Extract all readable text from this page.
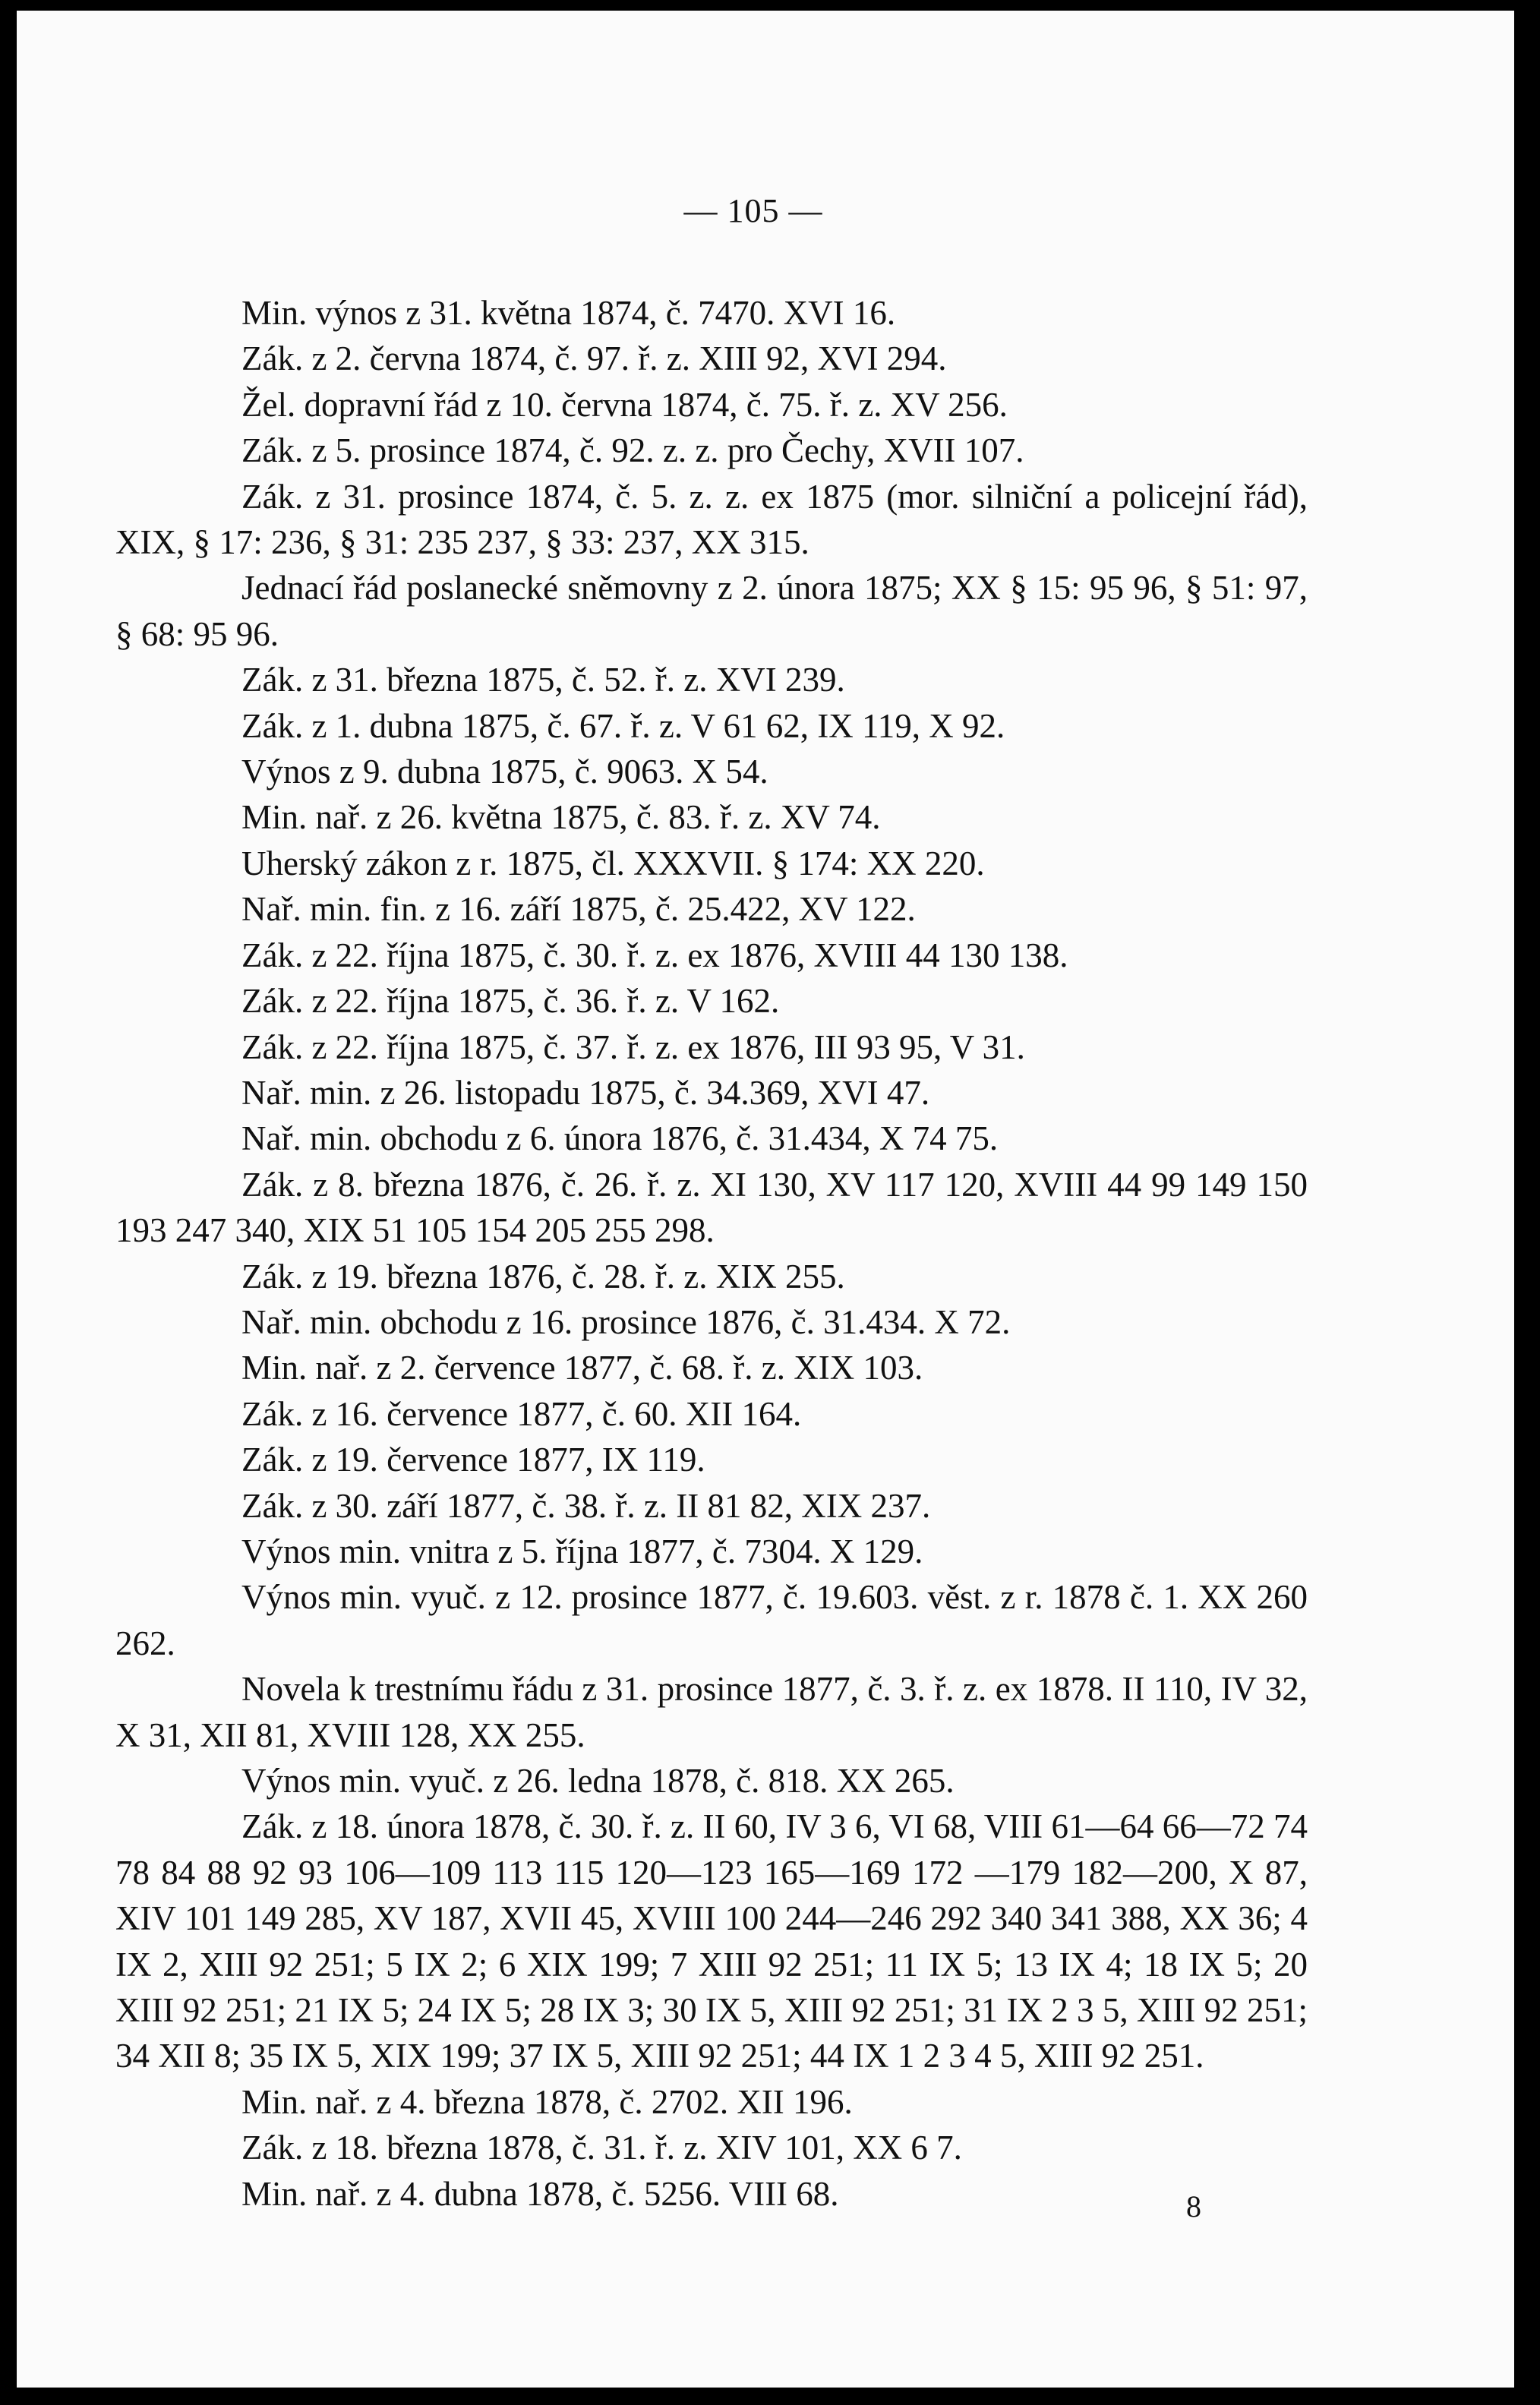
— 105 —

Min. výnos z 31. května 1874, č. 7470. XVI 16.

Zák. z 2. června 1874, č. 97. ř. z. XIII 92, XVI 294.

Žel. dopravní řád z 10. června 1874, č. 75. ř. z. XV 256.

Zák. z 5. prosince 1874, č. 92. z. z. pro Čechy, XVII 107.

Zák. z 31. prosince 1874, č. 5. z. z. ex 1875 (mor. silniční a policejní řád), XIX, § 17: 236, § 31: 235 237, § 33: 237, XX 315.

Jednací řád poslanecké sněmovny z 2. února 1875; XX § 15: 95 96, § 51: 97, § 68: 95 96.

Zák. z 31. března 1875, č. 52. ř. z. XVI 239.

Zák. z 1. dubna 1875, č. 67. ř. z. V 61 62, IX 119, X 92.

Výnos z 9. dubna 1875, č. 9063. X 54.

Min. nař. z 26. května 1875, č. 83. ř. z. XV 74.

Uherský zákon z r. 1875, čl. XXXVII. § 174: XX 220.

Nař. min. fin. z 16. září 1875, č. 25.422, XV 122.

Zák. z 22. října 1875, č. 30. ř. z. ex 1876, XVIII 44 130 138.

Zák. z 22. října 1875, č. 36. ř. z. V 162.

Zák. z 22. října 1875, č. 37. ř. z. ex 1876, III 93 95, V 31.

Nař. min. z 26. listopadu 1875, č. 34.369, XVI 47.

Nař. min. obchodu z 6. února 1876, č. 31.434, X 74 75.

Zák. z 8. března 1876, č. 26. ř. z. XI 130, XV 117 120, XVIII 44 99 149 150 193 247 340, XIX 51 105 154 205 255 298.

Zák. z 19. března 1876, č. 28. ř. z. XIX 255.

Nař. min. obchodu z 16. prosince 1876, č. 31.434. X 72.

Min. nař. z 2. července 1877, č. 68. ř. z. XIX 103.

Zák. z 16. července 1877, č. 60. XII 164.

Zák. z 19. července 1877, IX 119.

Zák. z 30. září 1877, č. 38. ř. z. II 81 82, XIX 237.

Výnos min. vnitra z 5. října 1877, č. 7304. X 129.

Výnos min. vyuč. z 12. prosince 1877, č. 19.603. věst. z r. 1878 č. 1. XX 260 262.

Novela k trestnímu řádu z 31. prosince 1877, č. 3. ř. z. ex 1878. II 110, IV 32, X 31, XII 81, XVIII 128, XX 255.

Výnos min. vyuč. z 26. ledna 1878, č. 818. XX 265.

Zák. z 18. února 1878, č. 30. ř. z. II 60, IV 3 6, VI 68, VIII 61—64 66—72 74 78 84 88 92 93 106—109 113 115 120—123 165—169 172 —179 182—200, X 87, XIV 101 149 285, XV 187, XVII 45, XVIII 100 244—246 292 340 341 388, XX 36; 4 IX 2, XIII 92 251; 5 IX 2; 6 XIX 199; 7 XIII 92 251; 11 IX 5; 13 IX 4; 18 IX 5; 20 XIII 92 251; 21 IX 5; 24 IX 5; 28 IX 3; 30 IX 5, XIII 92 251; 31 IX 2 3 5, XIII 92 251; 34 XII 8; 35 IX 5, XIX 199; 37 IX 5, XIII 92 251; 44 IX 1 2 3 4 5, XIII 92 251.

Min. nař. z 4. března 1878, č. 2702. XII 196.

Zák. z 18. března 1878, č. 31. ř. z. XIV 101, XX 6 7.

Min. nař. z 4. dubna 1878, č. 5256. VIII 68.	8
